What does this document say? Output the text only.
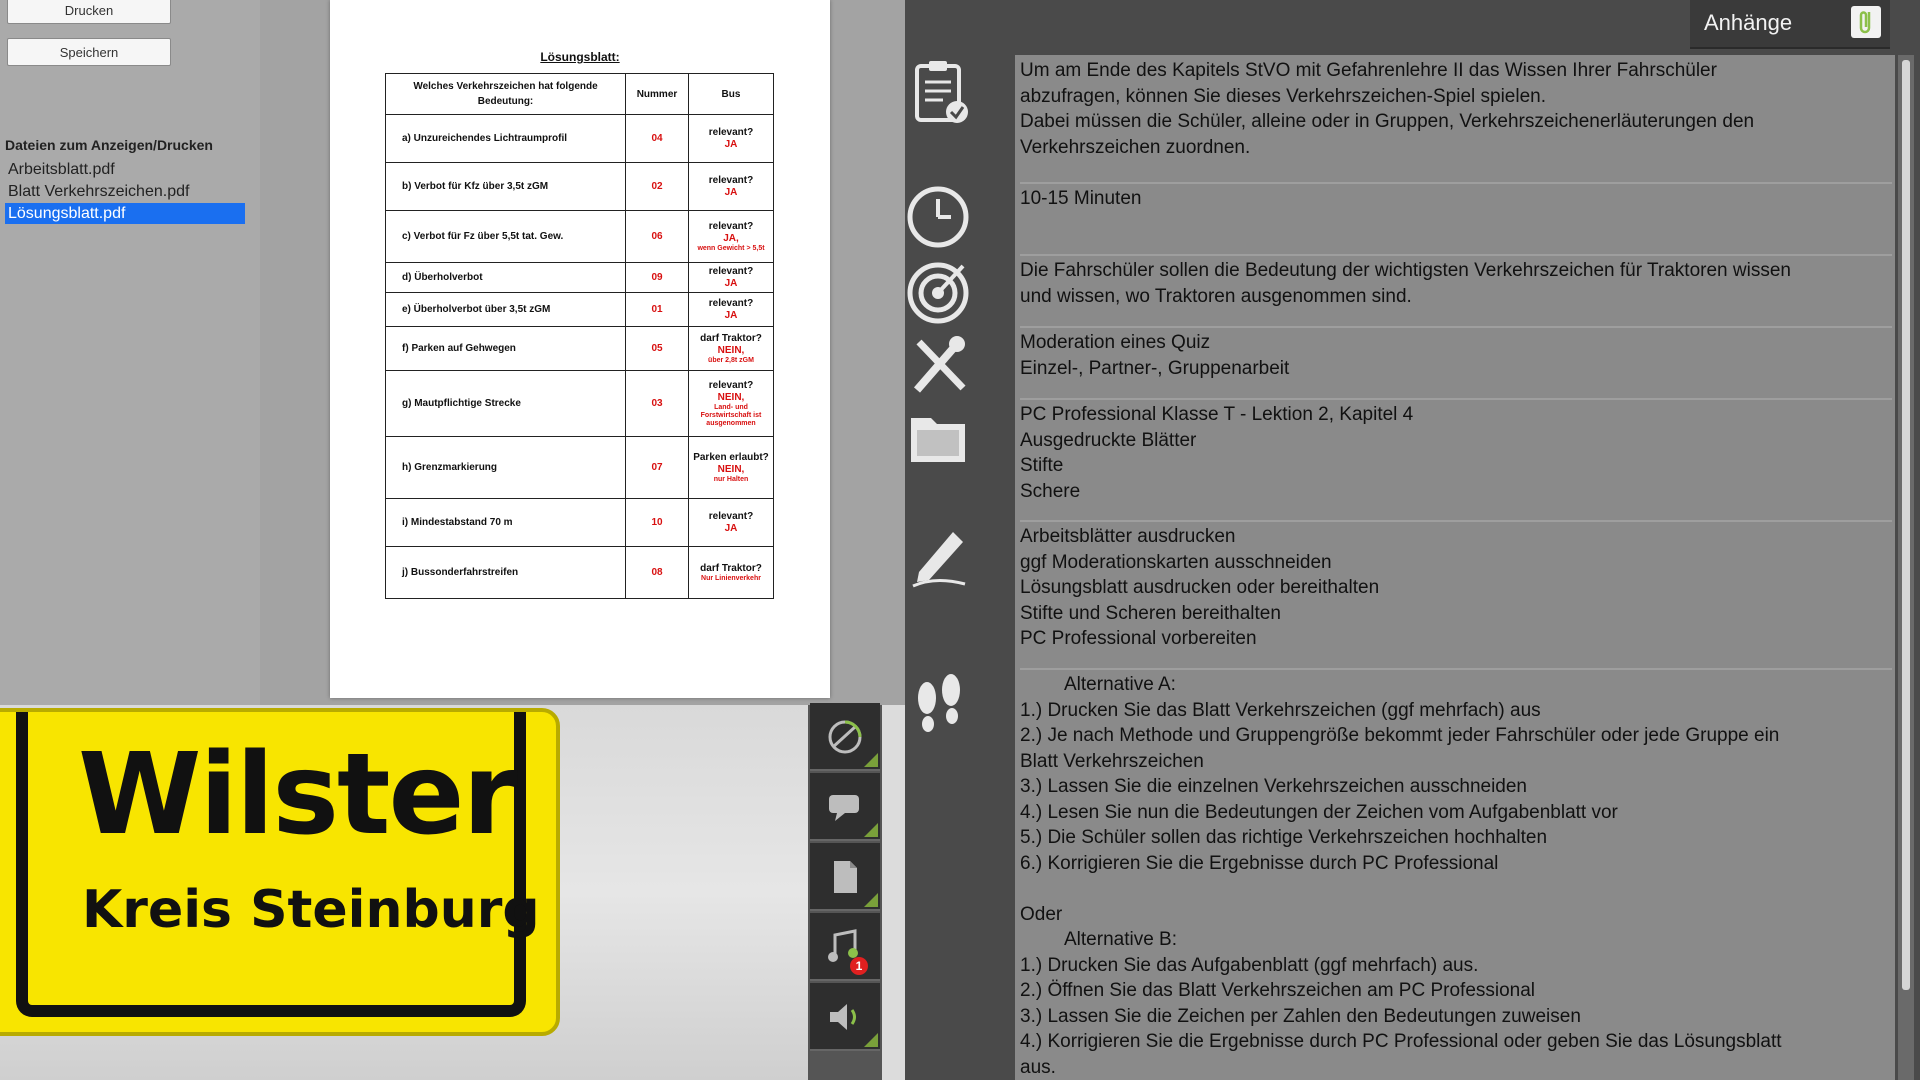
Drucken
Speichern
Dateien zum Anzeigen/Drucken
Arbeitsblatt.pdf
Blatt Verkehrszeichen.pdf
Lösungsblatt.pdf
Lösungsblatt:
Welches Verkehrszeichen hat folgende Bedeutung:	Nummer	Bus
a) Unzureichendes Lichtraumprofil	04	relevant?
JA

b) Verbot für Kfz über 3,5t zGM	02	relevant?
JA

c) Verbot für Fz über 5,5t tat. Gew.	06	relevant?
JA,
wenn Gewicht > 5,5t

d) Überholverbot	09	relevant?
JA

e) Überholverbot über 3,5t zGM	01	relevant?
JA

f) Parken auf Gehwegen	05	darf Traktor?
NEIN,
über 2,8t zGM

g) Mautpflichtige Strecke	03	relevant?
NEIN,
Land- und Forstwirtschaft ist ausgenommen

h) Grenzmarkierung	07	Parken erlaubt?
NEIN,
nur Halten

i) Mindestabstand 70 m	10	relevant?
JA

j) Bussonderfahrstreifen	08	darf Traktor?
Nur Linienverkehr
Wilster
Kreis Steinburg
1
Anhänge

Um am Ende des Kapitels StVO mit Gefahrenlehre II das Wissen Ihrer Fahrschüler

abzufragen, können Sie dieses Verkehrszeichen-Spiel spielen.

Dabei müssen die Schüler, alleine oder in Gruppen, Verkehrszeichenerläuterungen den

Verkehrszeichen zuordnen.

10-15 Minuten

Die Fahrschüler sollen die Bedeutung der wichtigsten Verkehrszeichen für Traktoren wissen

und wissen, wo Traktoren ausgenommen sind.

Moderation eines Quiz

Einzel-, Partner-, Gruppenarbeit

PC Professional Klasse T - Lektion 2, Kapitel 4

Ausgedruckte Blätter

Stifte

Schere

Arbeitsblätter ausdrucken

ggf Moderationskarten ausschneiden

Lösungsblatt ausdrucken oder bereithalten

Stifte und Scheren bereithalten

PC Professional vorbereiten

Alternative A:

1.) Drucken Sie das Blatt Verkehrszeichen (ggf mehrfach) aus

2.) Je nach Methode und Gruppengröße bekommt jeder Fahrschüler oder jede Gruppe ein

Blatt Verkehrszeichen

3.) Lassen Sie die einzelnen Verkehrszeichen ausschneiden

4.) Lesen Sie nun die Bedeutungen der Zeichen vom Aufgabenblatt vor

5.) Die Schüler sollen das richtige Verkehrszeichen hochhalten

6.) Korrigieren Sie die Ergebnisse durch PC Professional

Oder

Alternative B:

1.) Drucken Sie das Aufgabenblatt (ggf mehrfach) aus.

2.) Öffnen Sie das Blatt Verkehrszeichen am PC Professional

3.) Lassen Sie die Zeichen per Zahlen den Bedeutungen zuweisen

4.) Korrigieren Sie die Ergebnisse durch PC Professional oder geben Sie das Lösungsblatt

aus.
